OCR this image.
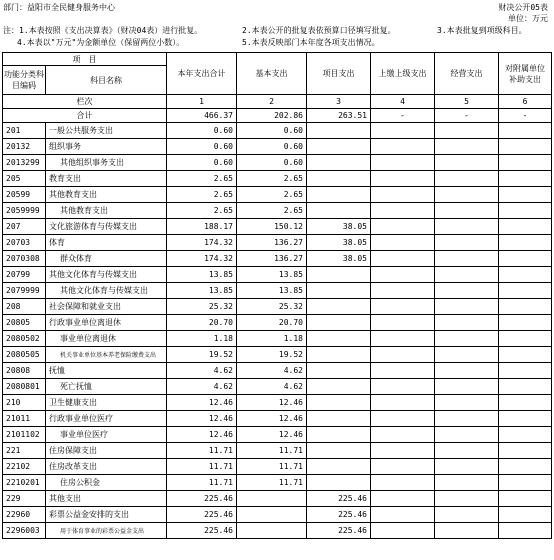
部门：益阳市全民健身服务中心	财决公开05表
单位：万元
注：1.本表按照《支出决算表》（财决04表）进行批复。	2.本表公开的批复表依预算口径填写批复。	3.本表批复到项级科目。
4.本表以"万元"为金额单位（保留两位小数）。	5.本表反映部门本年度各项支出情况。
项　目		本年支出合计	基本支出	项目支出	上缴上级支出	经营支出	对附属单位补助支出
功能分类科目编码	科目名称						
栏次		1	2	3	4	5	6
合计		466.37	202.86	263.51	-	-	-
201	一般公共服务支出	0.60	0.60				
20132	组织事务	0.60	0.60				
2013299	其他组织事务支出	0.60	0.60				
205	教育支出	2.65	2.65				
20599	其他教育支出	2.65	2.65				
2059999	其他教育支出	2.65	2.65				
207	文化旅游体育与传媒支出	188.17	150.12	38.05			
20703	体育	174.32	136.27	38.05			
2070308	群众体育	174.32	136.27	38.05			
20799	其他文化体育与传媒支出	13.85	13.85				
2079999	其他文化体育与传媒支出	13.85	13.85				
208	社会保障和就业支出	25.32	25.32				
20805	行政事业单位离退休	20.70	20.70				
2080502	事业单位离退休	1.18	1.18				
2080505	机关事业单位基本养老保险缴费支出	19.52	19.52				
20808	抚恤	4.62	4.62				
2080801	死亡抚恤	4.62	4.62				
210	卫生健康支出	12.46	12.46				
21011	行政事业单位医疗	12.46	12.46				
2101102	事业单位医疗	12.46	12.46				
221	住房保障支出	11.71	11.71				
22102	住房改革支出	11.71	11.71				
2210201	住房公积金	11.71	11.71				
229	其他支出	225.46		225.46			
22960	彩票公益金安排的支出	225.46		225.46			
2296003	用于体育事业的彩票公益金支出	225.46		225.46			
